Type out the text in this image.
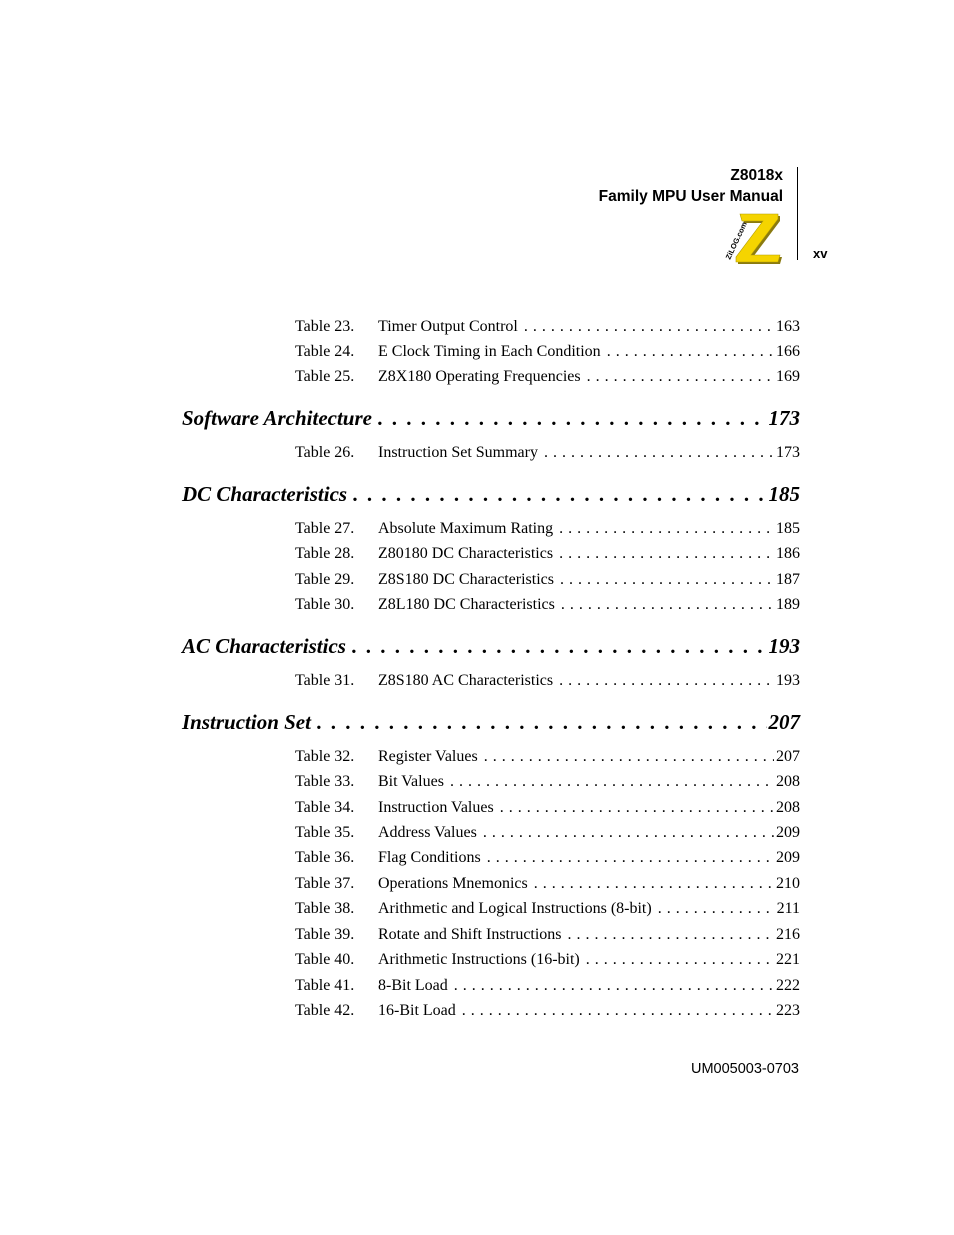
Z8018x
Family MPU User Manual
ZiLOG.com	xv
Table 23.	Timer Output Control . . .	163
Table 24.	E Clock Timing in Each Condition . . .	166
Table 25.	Z8X180 Operating Frequencies . . .	169
Software Architecture . . .	173
Table 26.	Instruction Set Summary . . .	173
DC Characteristics . . .	185
Table 27.	Absolute Maximum Rating . . .	185
Table 28.	Z80180 DC Characteristics . . .	186
Table 29.	Z8S180 DC Characteristics . . .	187
Table 30.	Z8L180 DC Characteristics . . .	189
AC Characteristics . . .	193
Table 31.	Z8S180 AC Characteristics . . .	193
Instruction Set . . .	207
Table 32.	Register Values . . .	207
Table 33.	Bit Values . . .	208
Table 34.	Instruction Values . . .	208
Table 35.	Address Values . . .	209
Table 36.	Flag Conditions . . .	209
Table 37.	Operations Mnemonics . . .	210
Table 38.	Arithmetic and Logical Instructions (8-bit) . . .	211
Table 39.	Rotate and Shift Instructions . . .	216
Table 40.	Arithmetic Instructions (16-bit) . . .	221
Table 41.	8-Bit Load . . .	222
Table 42.	16-Bit Load . . .	223
UM005003-0703
